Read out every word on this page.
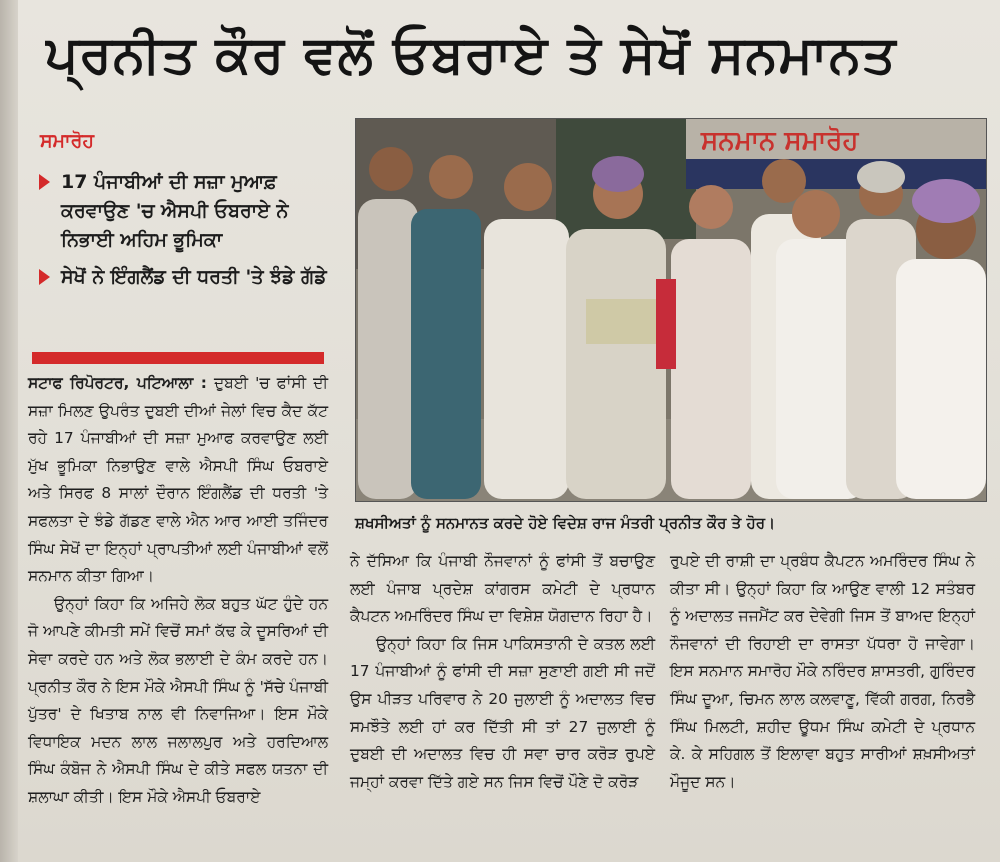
ਪ੍ਰਨੀਤ ਕੌਰ ਵਲੋਂ ਓਬਰਾਏ ਤੇ ਸੇਖੋਂ ਸਨਮਾਨਤ
ਸਮਾਰੋਹ
17 ਪੰਜਾਬੀਆਂ ਦੀ ਸਜ਼ਾ ਮੁਆਫ਼ ਕਰਵਾਉਣ 'ਚ ਐਸਪੀ ਓਬਰਾਏ ਨੇ ਨਿਭਾਈ ਅਹਿਮ ਭੂਮਿਕਾ
ਸੇਖੋਂ ਨੇ ਇੰਗਲੈਂਡ ਦੀ ਧਰਤੀ 'ਤੇ ਝੰਡੇ ਗੱਡੇ

ਸਟਾਫ ਰਿਪੋਰਟਰ, ਪਟਿਆਲਾ : ਦੁਬਈ 'ਚ ਫਾਂਸੀ ਦੀ ਸਜ਼ਾ ਮਿਲਣ ਉਪਰੰਤ ਦੁਬਈ ਦੀਆਂ ਜੇਲਾਂ ਵਿਚ ਕੈਦ ਕੱਟ ਰਹੇ 17 ਪੰਜਾਬੀਆਂ ਦੀ ਸਜ਼ਾ ਮੁਆਫ ਕਰਵਾਉਣ ਲਈ ਮੁੱਖ ਭੂਮਿਕਾ ਨਿਭਾਉਣ ਵਾਲੇ ਐਸਪੀ ਸਿੰਘ ਓਬਰਾਏ ਅਤੇ ਸਿਰਫ 8 ਸਾਲਾਂ ਦੌਰਾਨ ਇੰਗਲੈਂਡ ਦੀ ਧਰਤੀ 'ਤੇ ਸਫਲਤਾ ਦੇ ਝੰਡੇ ਗੱਡਣ ਵਾਲੇ ਐਨ ਆਰ ਆਈ ਤਜਿੰਦਰ ਸਿੰਘ ਸੇਖੋਂ ਦਾ ਇਨ੍ਹਾਂ ਪ੍ਰਾਪਤੀਆਂ ਲਈ ਪੰਜਾਬੀਆਂ ਵਲੋਂ ਸਨਮਾਨ ਕੀਤਾ ਗਿਆ।

ਉਨ੍ਹਾਂ ਕਿਹਾ ਕਿ ਅਜਿਹੇ ਲੋਕ ਬਹੁਤ ਘੱਟ ਹੁੰਦੇ ਹਨ ਜੋ ਆਪਣੇ ਕੀਮਤੀ ਸਮੇਂ ਵਿਚੋਂ ਸਮਾਂ ਕੱਢ ਕੇ ਦੂਸਰਿਆਂ ਦੀ ਸੇਵਾ ਕਰਦੇ ਹਨ ਅਤੇ ਲੋਕ ਭਲਾਈ ਦੇ ਕੰਮ ਕਰਦੇ ਹਨ। ਪ੍ਰਨੀਤ ਕੌਰ ਨੇ ਇਸ ਮੌਕੇ ਐਸਪੀ ਸਿੰਘ ਨੂੰ 'ਸੱਚੇ ਪੰਜਾਬੀ ਪੁੱਤਰ' ਦੇ ਖਿਤਾਬ ਨਾਲ ਵੀ ਨਿਵਾਜਿਆ। ਇਸ ਮੌਕੇ ਵਿਧਾਇਕ ਮਦਨ ਲਾਲ ਜਲਾਲਪੁਰ ਅਤੇ ਹਰਦਿਆਲ ਸਿੰਘ ਕੰਬੋਜ ਨੇ ਐਸਪੀ ਸਿੰਘ ਦੇ ਕੀਤੇ ਸਫਲ ਯਤਨਾ ਦੀ ਸ਼ਲਾਘਾ ਕੀਤੀ। ਇਸ ਮੌਕੇ ਐਸਪੀ ਓਬਰਾਏ

ਸਨਮਾਨ ਸਮਾਰੋਹ
ਸ਼ਖਸੀਅਤਾਂ ਨੂੰ ਸਨਮਾਨਤ ਕਰਦੇ ਹੋਏ ਵਿਦੇਸ਼ ਰਾਜ ਮੰਤਰੀ ਪ੍ਰਨੀਤ ਕੌਰ ਤੇ ਹੋਰ।

ਨੇ ਦੱਸਿਆ ਕਿ ਪੰਜਾਬੀ ਨੌਜਵਾਨਾਂ ਨੂੰ ਫਾਂਸੀ ਤੋਂ ਬਚਾਉਣ ਲਈ ਪੰਜਾਬ ਪ੍ਰਦੇਸ਼ ਕਾਂਗਰਸ ਕਮੇਟੀ ਦੇ ਪ੍ਰਧਾਨ ਕੈਪਟਨ ਅਮਰਿੰਦਰ ਸਿੰਘ ਦਾ ਵਿਸ਼ੇਸ਼ ਯੋਗਦਾਨ ਰਿਹਾ ਹੈ।

ਉਨ੍ਹਾਂ ਕਿਹਾ ਕਿ ਜਿਸ ਪਾਕਿਸਤਾਨੀ ਦੇ ਕਤਲ ਲਈ 17 ਪੰਜਾਬੀਆਂ ਨੂੰ ਫਾਂਸੀ ਦੀ ਸਜ਼ਾ ਸੁਣਾਈ ਗਈ ਸੀ ਜਦੋਂ ਉਸ ਪੀੜਤ ਪਰਿਵਾਰ ਨੇ 20 ਜੁਲਾਈ ਨੂੰ ਅਦਾਲਤ ਵਿਚ ਸਮਝੌਤੇ ਲਈ ਹਾਂ ਕਰ ਦਿੱਤੀ ਸੀ ਤਾਂ 27 ਜੁਲਾਈ ਨੂੰ ਦੁਬਈ ਦੀ ਅਦਾਲਤ ਵਿਚ ਹੀ ਸਵਾ ਚਾਰ ਕਰੋੜ ਰੁਪਏ ਜਮ੍ਹਾਂ ਕਰਵਾ ਦਿੱਤੇ ਗਏ ਸਨ ਜਿਸ ਵਿਚੋਂ ਪੌਣੇ ਦੋ ਕਰੋੜ

ਰੁਪਏ ਦੀ ਰਾਸ਼ੀ ਦਾ ਪ੍ਰਬੰਧ ਕੈਪਟਨ ਅਮਰਿੰਦਰ ਸਿੰਘ ਨੇ ਕੀਤਾ ਸੀ। ਉਨ੍ਹਾਂ ਕਿਹਾ ਕਿ ਆਉਣ ਵਾਲੀ 12 ਸਤੰਬਰ ਨੂੰ ਅਦਾਲਤ ਜਜਮੈਂਟ ਕਰ ਦੇਵੇਗੀ ਜਿਸ ਤੋਂ ਬਾਅਦ ਇਨ੍ਹਾਂ ਨੌਜਵਾਨਾਂ ਦੀ ਰਿਹਾਈ ਦਾ ਰਾਸਤਾ ਪੱਧਰਾ ਹੋ ਜਾਵੇਗਾ। ਇਸ ਸਨਮਾਨ ਸਮਾਰੋਹ ਮੌਕੇ ਨਰਿੰਦਰ ਸ਼ਾਸਤਰੀ, ਗੁਰਿੰਦਰ ਸਿੰਘ ਦੂਆ, ਚਿਮਨ ਲਾਲ ਕਲਵਾਣੂ, ਵਿੱਕੀ ਗਰਗ, ਨਿਰਭੈ ਸਿੰਘ ਮਿਲਟੀ, ਸ਼ਹੀਦ ਊਧਮ ਸਿੰਘ ਕਮੇਟੀ ਦੇ ਪ੍ਰਧਾਨ ਕੇ. ਕੇ ਸਹਿਗਲ ਤੋਂ ਇਲਾਵਾ ਬਹੁਤ ਸਾਰੀਆਂ ਸ਼ਖ਼ਸੀਅਤਾਂ ਮੌਜੂਦ ਸਨ।
